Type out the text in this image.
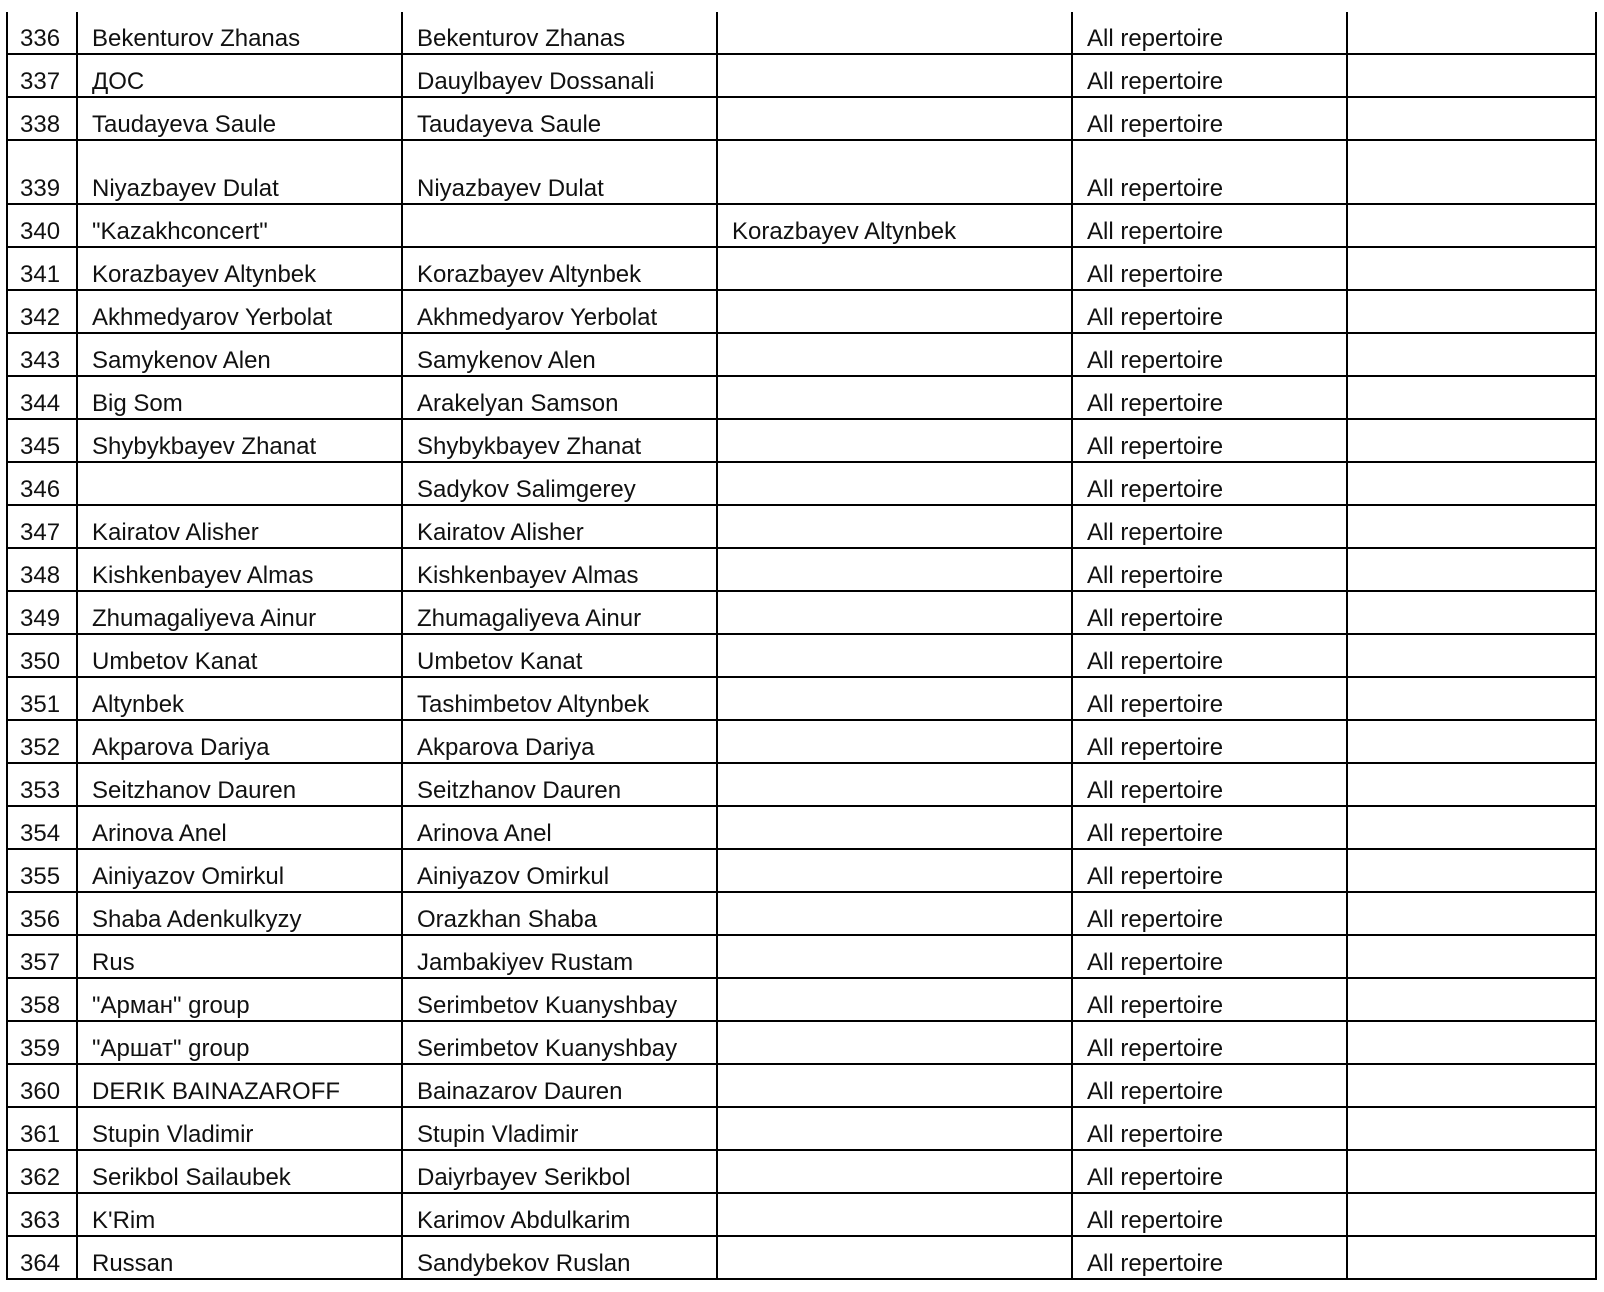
336	Bekenturov Zhanas	Bekenturov Zhanas		All repertoire	
337	ДОС	Dauylbayev Dossanali		All repertoire	
338	Taudayeva Saule	Taudayeva Saule		All repertoire	
339	Niyazbayev Dulat	Niyazbayev Dulat		All repertoire	
340	"Kazakhconcert"		Korazbayev Altynbek	All repertoire	
341	Korazbayev Altynbek	Korazbayev Altynbek		All repertoire	
342	Akhmedyarov Yerbolat	Akhmedyarov Yerbolat		All repertoire	
343	Samykenov Alen	Samykenov Alen		All repertoire	
344	Big Som	Arakelyan Samson		All repertoire	
345	Shybykbayev Zhanat	Shybykbayev Zhanat		All repertoire	
346		Sadykov Salimgerey		All repertoire	
347	Kairatov Alisher	Kairatov Alisher		All repertoire	
348	Kishkenbayev Almas	Kishkenbayev Almas		All repertoire	
349	Zhumagaliyeva Ainur	Zhumagaliyeva Ainur		All repertoire	
350	Umbetov Kanat	Umbetov Kanat		All repertoire	
351	Altynbek	Tashimbetov Altynbek		All repertoire	
352	Akparova Dariya	Akparova Dariya		All repertoire	
353	Seitzhanov Dauren	Seitzhanov Dauren		All repertoire	
354	Arinova Anel	Arinova Anel		All repertoire	
355	Ainiyazov Omirkul	Ainiyazov Omirkul		All repertoire	
356	Shaba Adenkulkyzy	Orazkhan Shaba		All repertoire	
357	Rus	Jambakiyev Rustam		All repertoire	
358	"Арман" group	Serimbetov Kuanyshbay		All repertoire	
359	"Аршат" group	Serimbetov Kuanyshbay		All repertoire	
360	DERIK BAINAZAROFF	Bainazarov Dauren		All repertoire	
361	Stupin Vladimir	Stupin Vladimir		All repertoire	
362	Serikbol Sailaubek	Daiyrbayev Serikbol		All repertoire	
363	K'Rim	Karimov Abdulkarim		All repertoire	
364	Russan	Sandybekov Ruslan		All repertoire	
